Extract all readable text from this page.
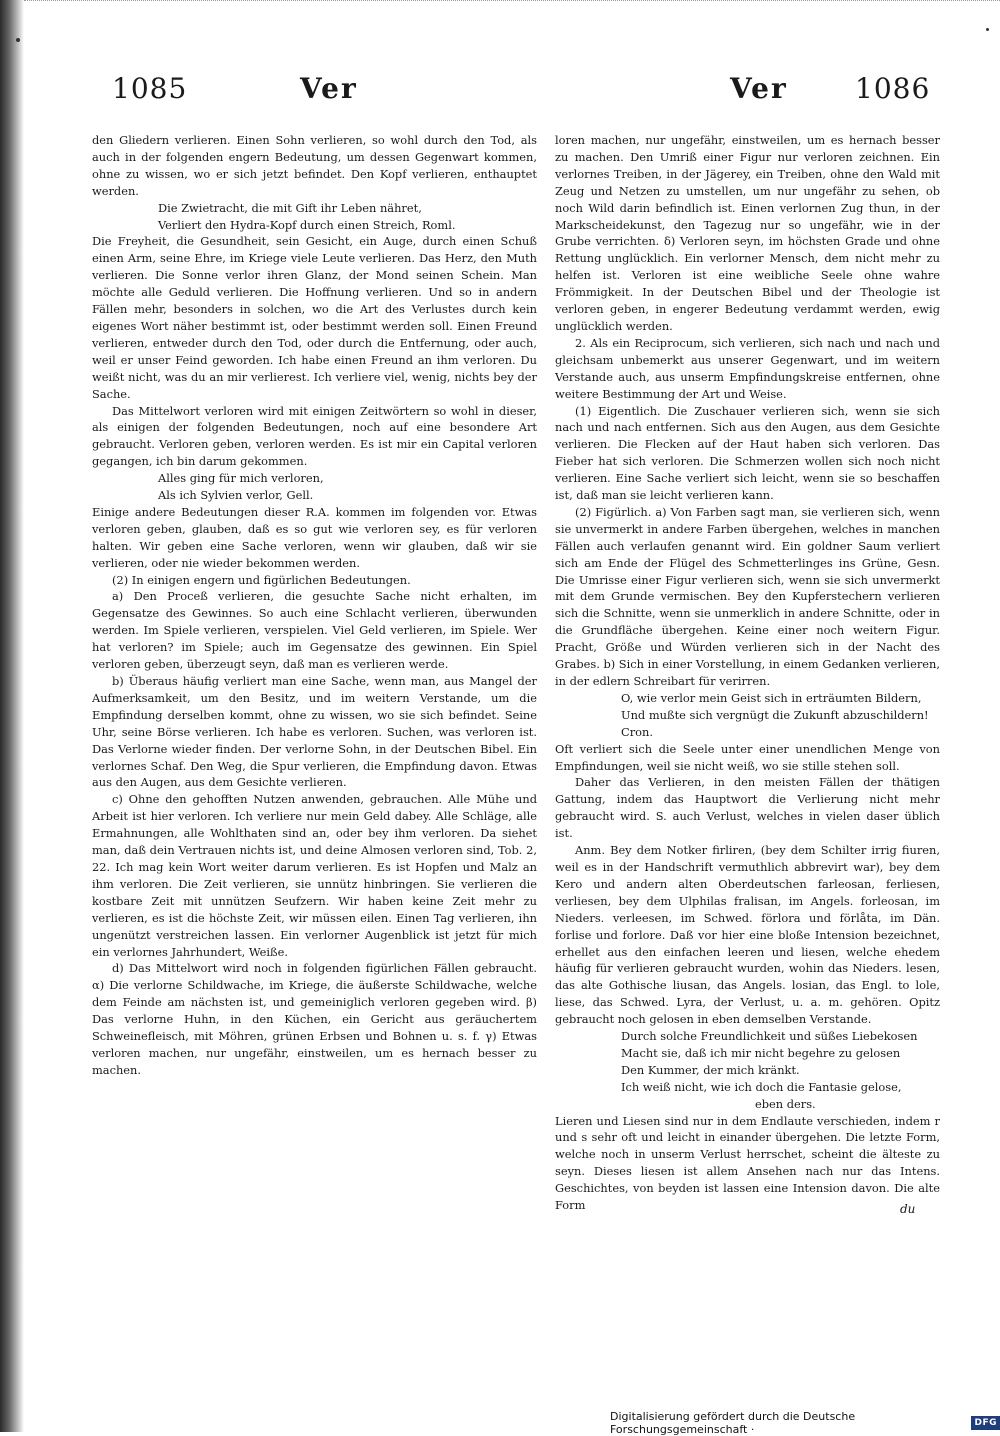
1085	Ver	Ver 1086

den Gliedern verlieren. Einen Sohn verlieren, so wohl durch den Tod, als auch in der folgenden engern Bedeutung, um dessen Gegenwart kommen, ohne zu wissen, wo er sich jetzt befindet. Den Kopf verlieren, enthauptet werden.

Die Zwietracht, die mit Gift ihr Leben nähret,

Verliert den Hydra-Kopf durch einen Streich, Roml.

Die Freyheit, die Gesundheit, sein Gesicht, ein Auge, durch einen Schuß einen Arm, seine Ehre, im Kriege viele Leute verlieren. Das Herz, den Muth verlieren. Die Sonne verlor ihren Glanz, der Mond seinen Schein. Man möchte alle Geduld verlieren. Die Hoffnung verlieren. Und so in andern Fällen mehr, besonders in solchen, wo die Art des Verlustes durch kein eigenes Wort näher bestimmt ist, oder bestimmt werden soll. Einen Freund verlieren, entweder durch den Tod, oder durch die Entfernung, oder auch, weil er unser Feind geworden. Ich habe einen Freund an ihm verloren. Du weißt nicht, was du an mir verlierest. Ich verliere viel, wenig, nichts bey der Sache.

Das Mittelwort verloren wird mit einigen Zeitwörtern so wohl in dieser, als einigen der folgenden Bedeutungen, noch auf eine besondere Art gebraucht. Verloren geben, verloren werden. Es ist mir ein Capital verloren gegangen, ich bin darum gekommen.

Alles ging für mich verloren,

Als ich Sylvien verlor, Gell.

Einige andere Bedeutungen dieser R.A. kommen im folgenden vor. Etwas verloren geben, glauben, daß es so gut wie verloren sey, es für verloren halten. Wir geben eine Sache verloren, wenn wir glauben, daß wir sie verlieren, oder nie wieder bekommen werden.

(2) In einigen engern und figürlichen Bedeutungen.

a) Den Proceß verlieren, die gesuchte Sache nicht erhalten, im Gegensatze des Gewinnes. So auch eine Schlacht verlieren, überwunden werden. Im Spiele verlieren, verspielen. Viel Geld verlieren, im Spiele. Wer hat verloren? im Spiele; auch im Gegensatze des gewinnen. Ein Spiel verloren geben, überzeugt seyn, daß man es verlieren werde.

b) Überaus häufig verliert man eine Sache, wenn man, aus Mangel der Aufmerksamkeit, um den Besitz, und im weitern Verstande, um die Empfindung derselben kommt, ohne zu wissen, wo sie sich befindet. Seine Uhr, seine Börse verlieren. Ich habe es verloren. Suchen, was verloren ist. Das Verlorne wieder finden. Der verlorne Sohn, in der Deutschen Bibel. Ein verlornes Schaf. Den Weg, die Spur verlieren, die Empfindung davon. Etwas aus den Augen, aus dem Gesichte verlieren.

c) Ohne den gehofften Nutzen anwenden, gebrauchen. Alle Mühe und Arbeit ist hier verloren. Ich verliere nur mein Geld dabey. Alle Schläge, alle Ermahnungen, alle Wohlthaten sind an, oder bey ihm verloren. Da siehet man, daß dein Vertrauen nichts ist, und deine Almosen verloren sind, Tob. 2, 22. Ich mag kein Wort weiter darum verlieren. Es ist Hopfen und Malz an ihm verloren. Die Zeit verlieren, sie unnütz hinbringen. Sie verlieren die kostbare Zeit mit unnützen Seufzern. Wir haben keine Zeit mehr zu verlieren, es ist die höchste Zeit, wir müssen eilen. Einen Tag verlieren, ihn ungenützt verstreichen lassen. Ein verlorner Augenblick ist jetzt für mich ein verlornes Jahrhundert, Weiße.

d) Das Mittelwort wird noch in folgenden figürlichen Fällen gebraucht. α) Die verlorne Schildwache, im Kriege, die äußerste Schildwache, welche dem Feinde am nächsten ist, und gemeiniglich verloren gegeben wird. β) Das verlorne Huhn, in den Küchen, ein Gericht aus geräuchertem Schweinefleisch, mit Möhren, grünen Erbsen und Bohnen u. s. f. γ) Etwas verloren machen, nur ungefähr, einstweilen, um es hernach besser zu machen.

loren machen, nur ungefähr, einstweilen, um es hernach besser zu machen. Den Umriß einer Figur nur verloren zeichnen. Ein verlornes Treiben, in der Jägerey, ein Treiben, ohne den Wald mit Zeug und Netzen zu umstellen, um nur ungefähr zu sehen, ob noch Wild darin befindlich ist. Einen verlornen Zug thun, in der Markscheidekunst, den Tagezug nur so ungefähr, wie in der Grube verrichten. δ) Verloren seyn, im höchsten Grade und ohne Rettung unglücklich. Ein verlorner Mensch, dem nicht mehr zu helfen ist. Verloren ist eine weibliche Seele ohne wahre Frömmigkeit. In der Deutschen Bibel und der Theologie ist verloren geben, in engerer Bedeutung verdammt werden, ewig unglücklich werden.

2. Als ein Reciprocum, sich verlieren, sich nach und nach und gleichsam unbemerkt aus unserer Gegenwart, und im weitern Verstande auch, aus unserm Empfindungskreise entfernen, ohne weitere Bestimmung der Art und Weise.

(1) Eigentlich. Die Zuschauer verlieren sich, wenn sie sich nach und nach entfernen. Sich aus den Augen, aus dem Gesichte verlieren. Die Flecken auf der Haut haben sich verloren. Das Fieber hat sich verloren. Die Schmerzen wollen sich noch nicht verlieren. Eine Sache verliert sich leicht, wenn sie so beschaffen ist, daß man sie leicht verlieren kann.

(2) Figürlich. a) Von Farben sagt man, sie verlieren sich, wenn sie unvermerkt in andere Farben übergehen, welches in manchen Fällen auch verlaufen genannt wird. Ein goldner Saum verliert sich am Ende der Flügel des Schmetterlinges ins Grüne, Gesn. Die Umrisse einer Figur verlieren sich, wenn sie sich unvermerkt mit dem Grunde vermischen. Bey den Kupferstechern verlieren sich die Schnitte, wenn sie unmerklich in andere Schnitte, oder in die Grundfläche übergehen. Keine einer noch weitern Figur. Pracht, Größe und Würden verlieren sich in der Nacht des Grabes. b) Sich in einer Vorstellung, in einem Gedanken verlieren, in der edlern Schreibart für verirren.

O, wie verlor mein Geist sich in erträumten Bildern,

Und mußte sich vergnügt die Zukunft abzuschildern! Cron.

Oft verliert sich die Seele unter einer unendlichen Menge von Empfindungen, weil sie nicht weiß, wo sie stille stehen soll.

Daher das Verlieren, in den meisten Fällen der thätigen Gattung, indem das Hauptwort die Verlierung nicht mehr gebraucht wird. S. auch Verlust, welches in vielen daser üblich ist.

Anm. Bey dem Notker firliren, (bey dem Schilter irrig fiuren, weil es in der Handschrift vermuthlich abbrevirt war), bey dem Kero und andern alten Oberdeutschen farleosan, ferliesen, verliesen, bey dem Ulphilas fralisan, im Angels. forleosan, im Nieders. verleesen, im Schwed. förlora und förlåta, im Dän. forlise und forlore. Daß vor hier eine bloße Intension bezeichnet, erhellet aus den einfachen leeren und liesen, welche ehedem häufig für verlieren gebraucht wurden, wohin das Nieders. lesen, das alte Gothische liusan, das Angels. losian, das Engl. to lole, liese, das Schwed. Lyra, der Verlust, u. a. m. gehören. Opitz gebraucht noch gelosen in eben demselben Verstande.

Durch solche Freundlichkeit und süßes Liebekosen

Macht sie, daß ich mir nicht begehre zu gelosen

Den Kummer, der mich kränkt.

Ich weiß nicht, wie ich doch die Fantasie gelose,

eben ders.

Lieren und Liesen sind nur in dem Endlaute verschieden, indem r und s sehr oft und leicht in einander übergehen. Die letzte Form, welche noch in unserm Verlust herrschet, scheint die älteste zu seyn. Dieses liesen ist allem Ansehen nach nur das Intens. Geschichtes, von beyden ist lassen eine Intension davon. Die alte Form	du
Digitalisierung gefördert durch die Deutsche Forschungsgemeinschaft ·	DFG
